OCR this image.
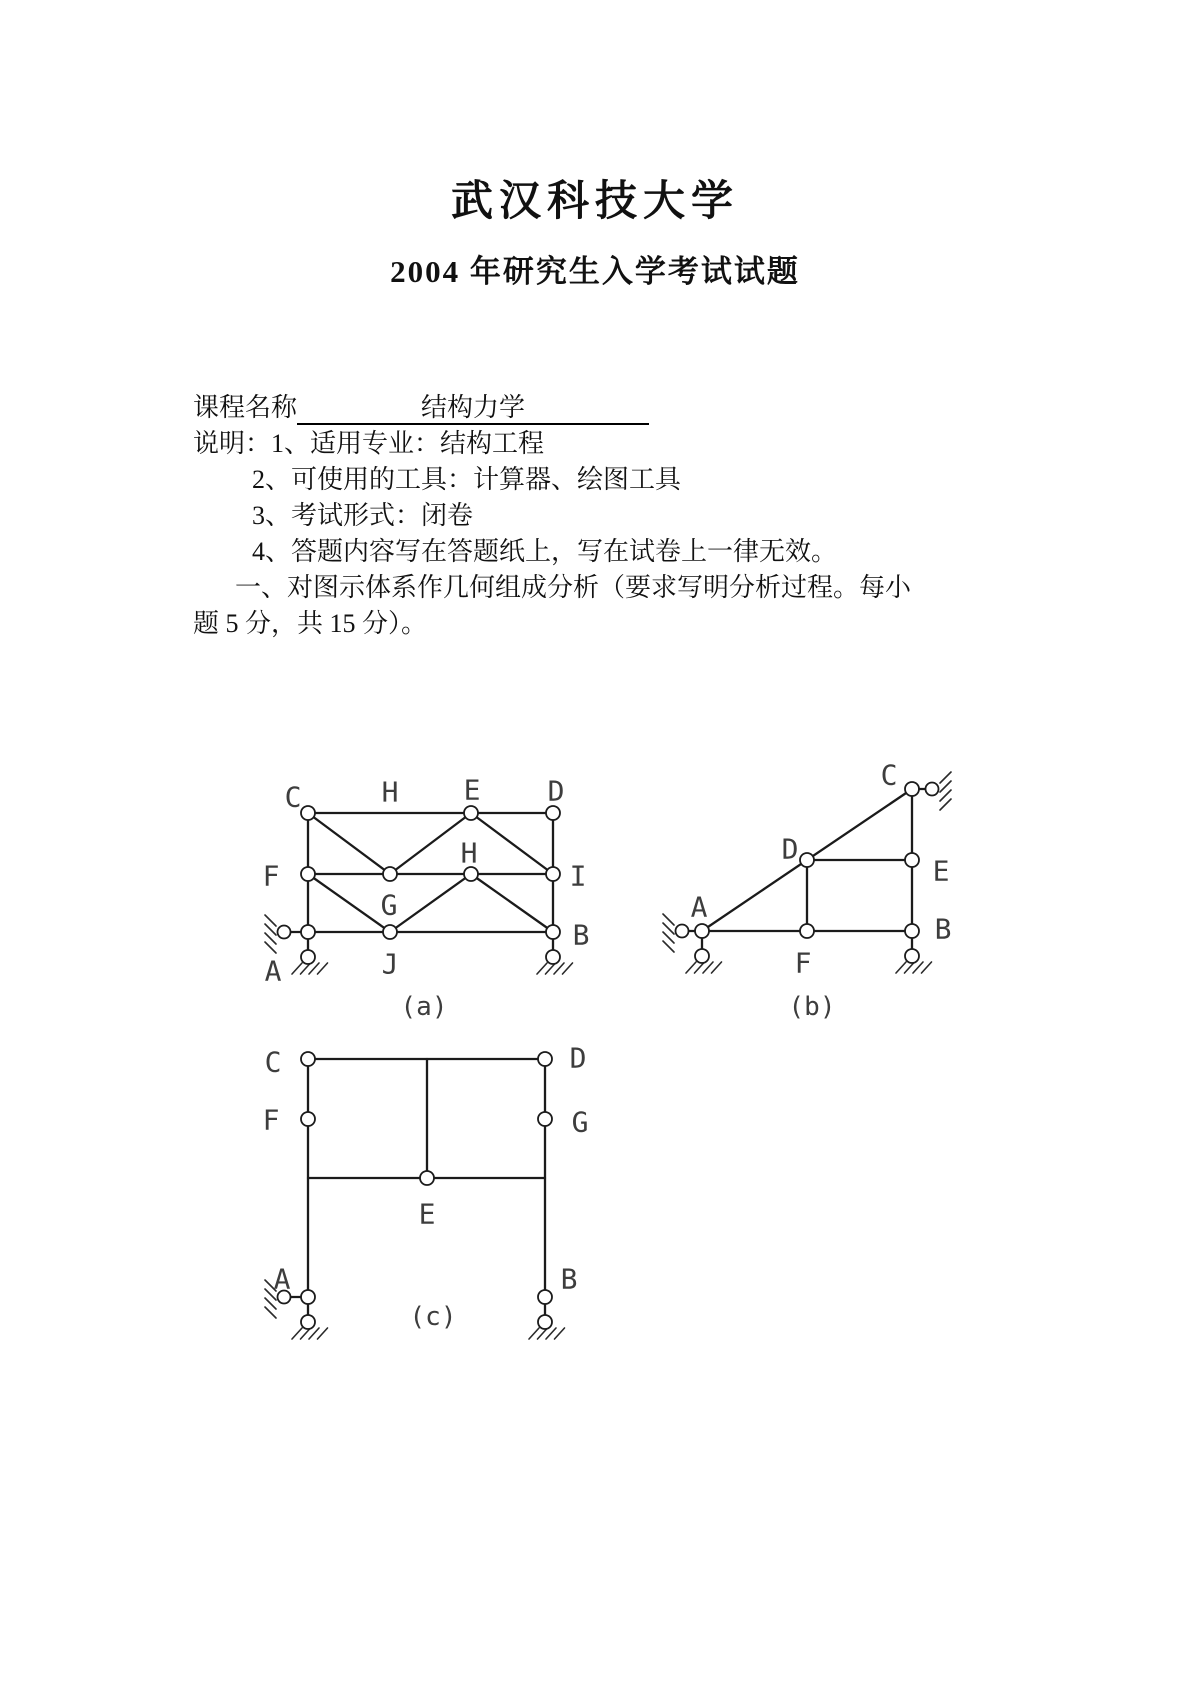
武汉科技大学
2004 年研究生入学考试试题
课程名称	结构力学
说明：1、适用专业：结构工程
2、可使用的工具：计算器、绘图工具
3、考试形式：闭卷
4、答题内容写在答题纸上，写在试卷上一律无效。
一、对图示体系作几何组成分析（要求写明分析过程。每小
题 5 分，共 15 分）。
C	H E D
F
G
H
I
A	J
B
(a)
A
D
C
E
B
F
(b)
C	D
F	G
E
A	B
(c)
